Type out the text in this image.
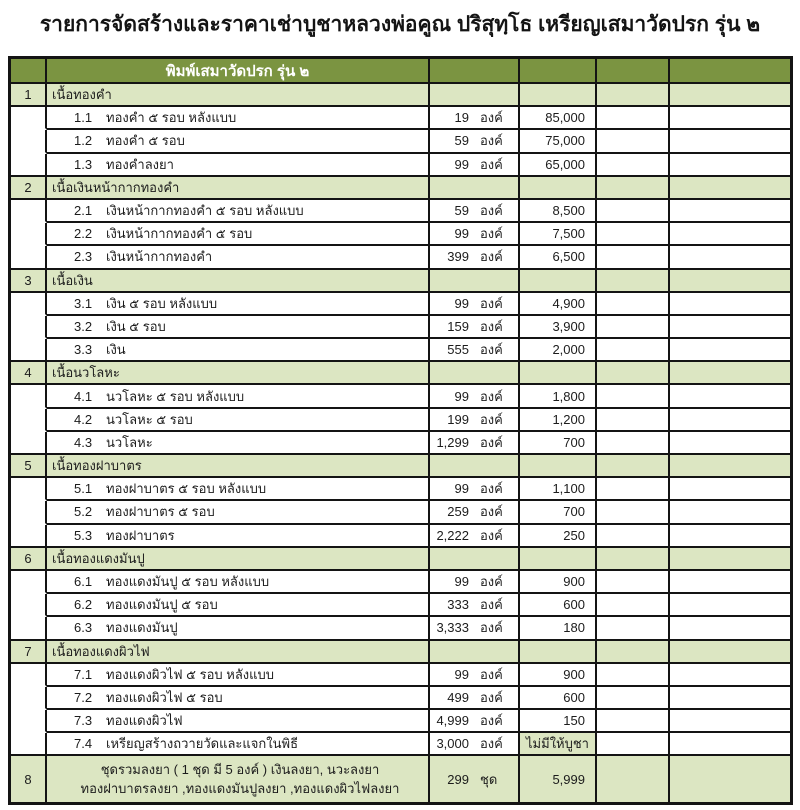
รายการจัดสร้างและราคาเช่าบูชาหลวงพ่อคูณ ปริสุทฺโธ เหรียญเสมาวัดปรก รุ่น ๒
พิมพ์เสมาวัดปรก รุ่น ๒
1	เนื้อทองคำ
1.1	ทองคำ ๕ รอบ หลังแบบ	19 องค์	85,000
1.2	ทองคำ ๕ รอบ	59 องค์	75,000
1.3	ทองคำลงยา	99 องค์	65,000
2	เนื้อเงินหน้ากากทองคำ
2.1	เงินหน้ากากทองคำ ๕ รอบ หลังแบบ	59 องค์	8,500
2.2	เงินหน้ากากทองคำ ๕ รอบ	99 องค์	7,500
2.3	เงินหน้ากากทองคำ	399 องค์	6,500
3	เนื้อเงิน
3.1	เงิน ๕ รอบ หลังแบบ	99 องค์	4,900
3.2	เงิน ๕ รอบ	159 องค์	3,900
3.3	เงิน	555 องค์	2,000
4	เนื้อนวโลหะ
4.1	นวโลหะ ๕ รอบ หลังแบบ	99 องค์	1,800
4.2	นวโลหะ ๕ รอบ	199 องค์	1,200
4.3	นวโลหะ	1,299 องค์	700
5	เนื้อทองฝาบาตร
5.1	ทองฝาบาตร ๕ รอบ หลังแบบ	99 องค์	1,100
5.2	ทองฝาบาตร ๕ รอบ	259 องค์	700
5.3	ทองฝาบาตร	2,222 องค์	250
6	เนื้อทองแดงมันปู
6.1	ทองแดงมันปู ๕ รอบ หลังแบบ	99 องค์	900
6.2	ทองแดงมันปู ๕ รอบ	333 องค์	600
6.3	ทองแดงมันปู	3,333 องค์	180
7	เนื้อทองแดงผิวไฟ
7.1	ทองแดงผิวไฟ ๕ รอบ หลังแบบ	99 องค์	900
7.2	ทองแดงผิวไฟ ๕ รอบ	499 องค์	600
7.3	ทองแดงผิวไฟ	4,999 องค์	150
7.4	เหรียญสร้างถวายวัดและแจกในพิธี	3,000 องค์	ไม่มีให้บูชา
8
ชุดรวมลงยา ( 1 ชุด มี 5 องค์ ) เงินลงยา, นวะลงยา
ทองฝาบาตรลงยา ,ทองแดงมันปูลงยา ,ทองแดงผิวไฟลงยา
299 ชุด	5,999
